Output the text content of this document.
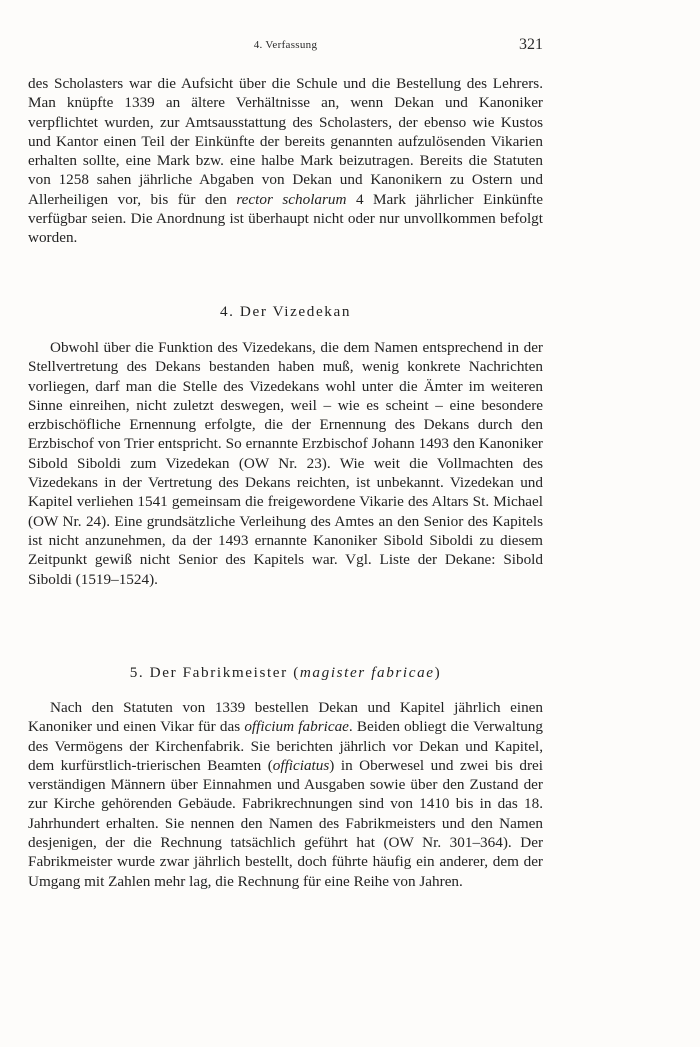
4. Verfassung	321

des Scholasters war die Aufsicht über die Schule und die Bestellung des Lehrers. Man knüpfte 1339 an ältere Verhältnisse an, wenn Dekan und Kanoniker verpflichtet wurden, zur Amtsausstattung des Scholasters, der ebenso wie Kustos und Kantor einen Teil der Einkünfte der bereits genannten aufzulösenden Vikarien erhalten sollte, eine Mark bzw. eine halbe Mark beizutragen. Bereits die Statuten von 1258 sahen jährliche Abgaben von Dekan und Kanonikern zu Ostern und Allerheiligen vor, bis für den rector scholarum 4 Mark jährlicher Einkünfte verfügbar seien. Die Anordnung ist überhaupt nicht oder nur unvollkommen befolgt worden.

4. Der Vizedekan

Obwohl über die Funktion des Vizedekans, die dem Namen entsprechend in der Stellvertretung des Dekans bestanden haben muß, wenig konkrete Nachrichten vorliegen, darf man die Stelle des Vizedekans wohl unter die Ämter im weiteren Sinne einreihen, nicht zuletzt deswegen, weil – wie es scheint – eine besondere erzbischöfliche Ernennung erfolgte, die der Ernennung des Dekans durch den Erzbischof von Trier entspricht. So ernannte Erzbischof Johann 1493 den Kanoniker Sibold Siboldi zum Vizedekan (OW Nr. 23). Wie weit die Vollmachten des Vizedekans in der Vertretung des Dekans reichten, ist unbekannt. Vizedekan und Kapitel verliehen 1541 gemeinsam die freigewordene Vikarie des Altars St. Michael (OW Nr. 24). Eine grundsätzliche Verleihung des Amtes an den Senior des Kapitels ist nicht anzunehmen, da der 1493 ernannte Kanoniker Sibold Siboldi zu diesem Zeitpunkt gewiß nicht Senior des Kapitels war. Vgl. Liste der Dekane: Sibold Siboldi (1519–1524).

5. Der Fabrikmeister (magister fabricae)

Nach den Statuten von 1339 bestellen Dekan und Kapitel jährlich einen Kanoniker und einen Vikar für das officium fabricae. Beiden obliegt die Verwaltung des Vermögens der Kirchenfabrik. Sie berichten jährlich vor Dekan und Kapitel, dem kurfürstlich-trierischen Beamten (officiatus) in Oberwesel und zwei bis drei verständigen Männern über Einnahmen und Ausgaben sowie über den Zustand der zur Kirche gehörenden Gebäude. Fabrikrechnungen sind von 1410 bis in das 18. Jahrhundert erhalten. Sie nennen den Namen des Fabrikmeisters und den Namen desjenigen, der die Rechnung tatsächlich geführt hat (OW Nr. 301–364). Der Fabrikmeister wurde zwar jährlich bestellt, doch führte häufig ein anderer, dem der Umgang mit Zahlen mehr lag, die Rechnung für eine Reihe von Jahren.
